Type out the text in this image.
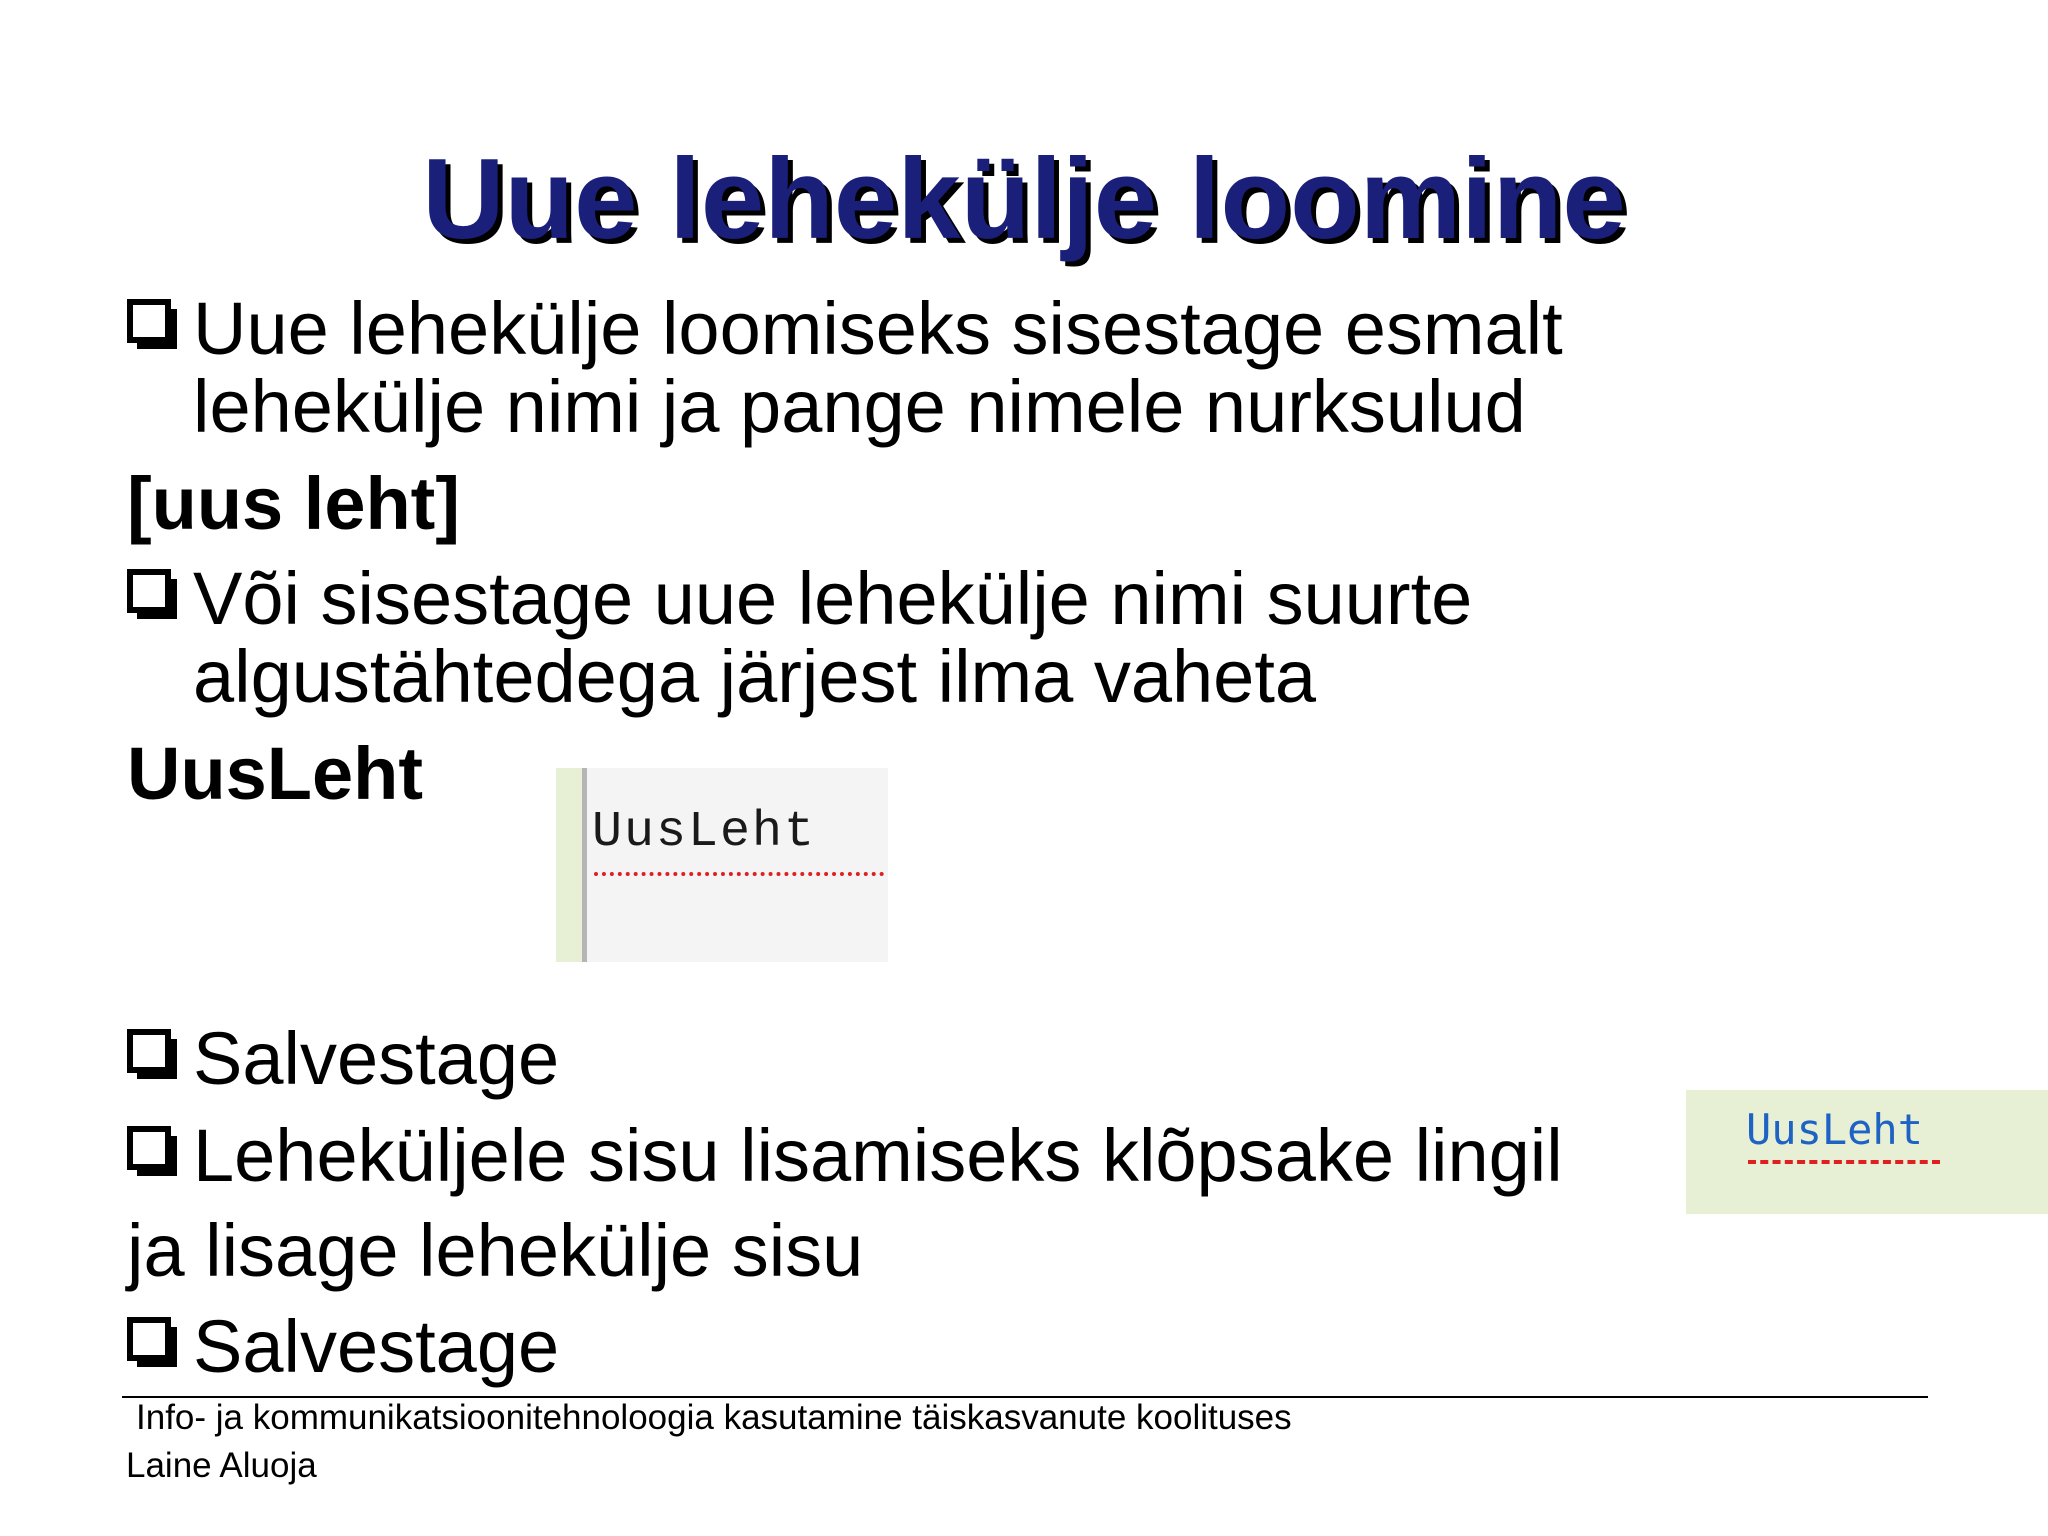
Uue lehekülje loomine
Uue lehekülje loomiseks sisestage esmalt
lehekülje nimi ja pange nimele nurksulud
[uus leht]
Või sisestage uue lehekülje nimi suurte
algustähtedega järjest ilma vaheta
UusLeht
UusLeht
Salvestage
Leheküljele sisu lisamiseks klõpsake lingil	UusLeht
ja lisage lehekülje sisu
Salvestage
Info- ja kommunikatsioonitehnoloogia kasutamine täiskasvanute koolituses
Laine Aluoja
